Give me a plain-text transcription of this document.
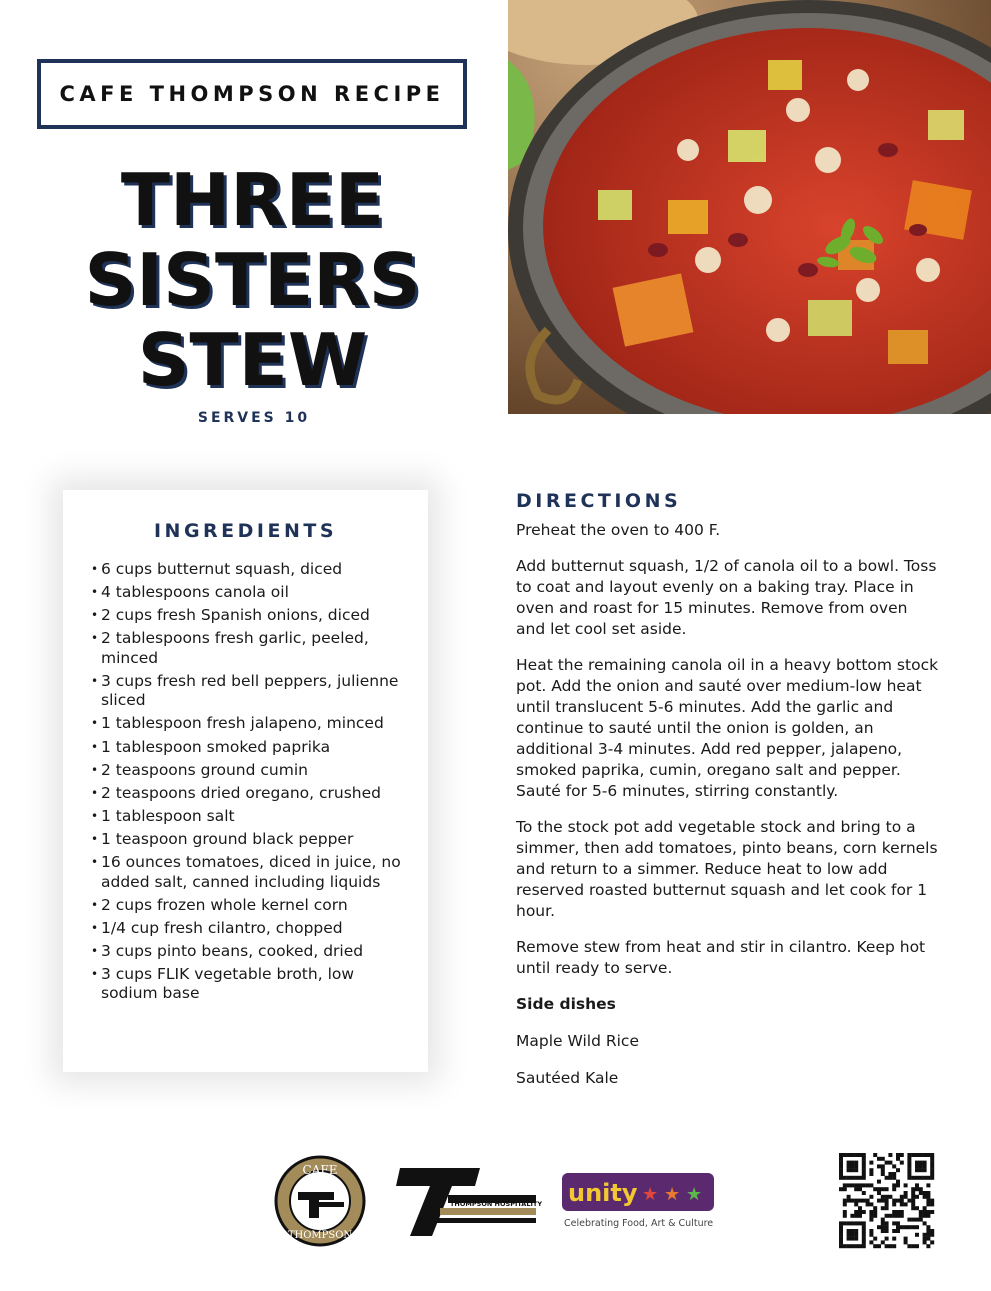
CAFE THOMPSON RECIPE
THREE
SISTERS
STEW
SERVES 10
INGREDIENTS
• 6 cups butternut squash, diced
• 4 tablespoons canola oil
• 2 cups fresh Spanish onions, diced
• 2 tablespoons fresh garlic, peeled, minced
• 3 cups fresh red bell peppers, julienne sliced
• 1 tablespoon fresh jalapeno, minced
• 1 tablespoon smoked paprika
• 2 teaspoons ground cumin
• 2 teaspoons dried oregano, crushed
• 1 tablespoon salt
• 1 teaspoon ground black pepper
• 16 ounces tomatoes, diced in juice, no added salt, canned including liquids
• 2 cups frozen whole kernel corn
• 1/4 cup fresh cilantro, chopped
• 3 cups pinto beans, cooked, dried
• 3 cups FLIK vegetable broth, low sodium base
DIRECTIONS

Preheat the oven to 400 F.

Add butternut squash, 1/2 of canola oil to a bowl. Toss to coat and layout evenly on a baking tray. Place in oven and roast for 15 minutes. Remove from oven and let cool set aside.

Heat the remaining canola oil in a heavy bottom stock pot. Add the onion and sauté over medium-low heat until translucent 5-6 minutes. Add the garlic and continue to sauté until the onion is golden, an additional 3-4 minutes. Add red pepper, jalapeno, smoked paprika, cumin, oregano salt and pepper. Sauté for 5-6 minutes, stirring constantly.

To the stock pot add vegetable stock and bring to a simmer, then add tomatoes, pinto beans, corn kernels and return to a simmer. Reduce heat to low add reserved roasted butternut squash and let cook for 1 hour.

Remove stew from heat and stir in cilantro. Keep hot until ready to serve.

Side dishes

Maple Wild Rice

Sautéed Kale

CAFE
THOMPSON
THOMPSON HOSPITALITY unity ★ ★ ★
Celebrating Food, Art & Culture
